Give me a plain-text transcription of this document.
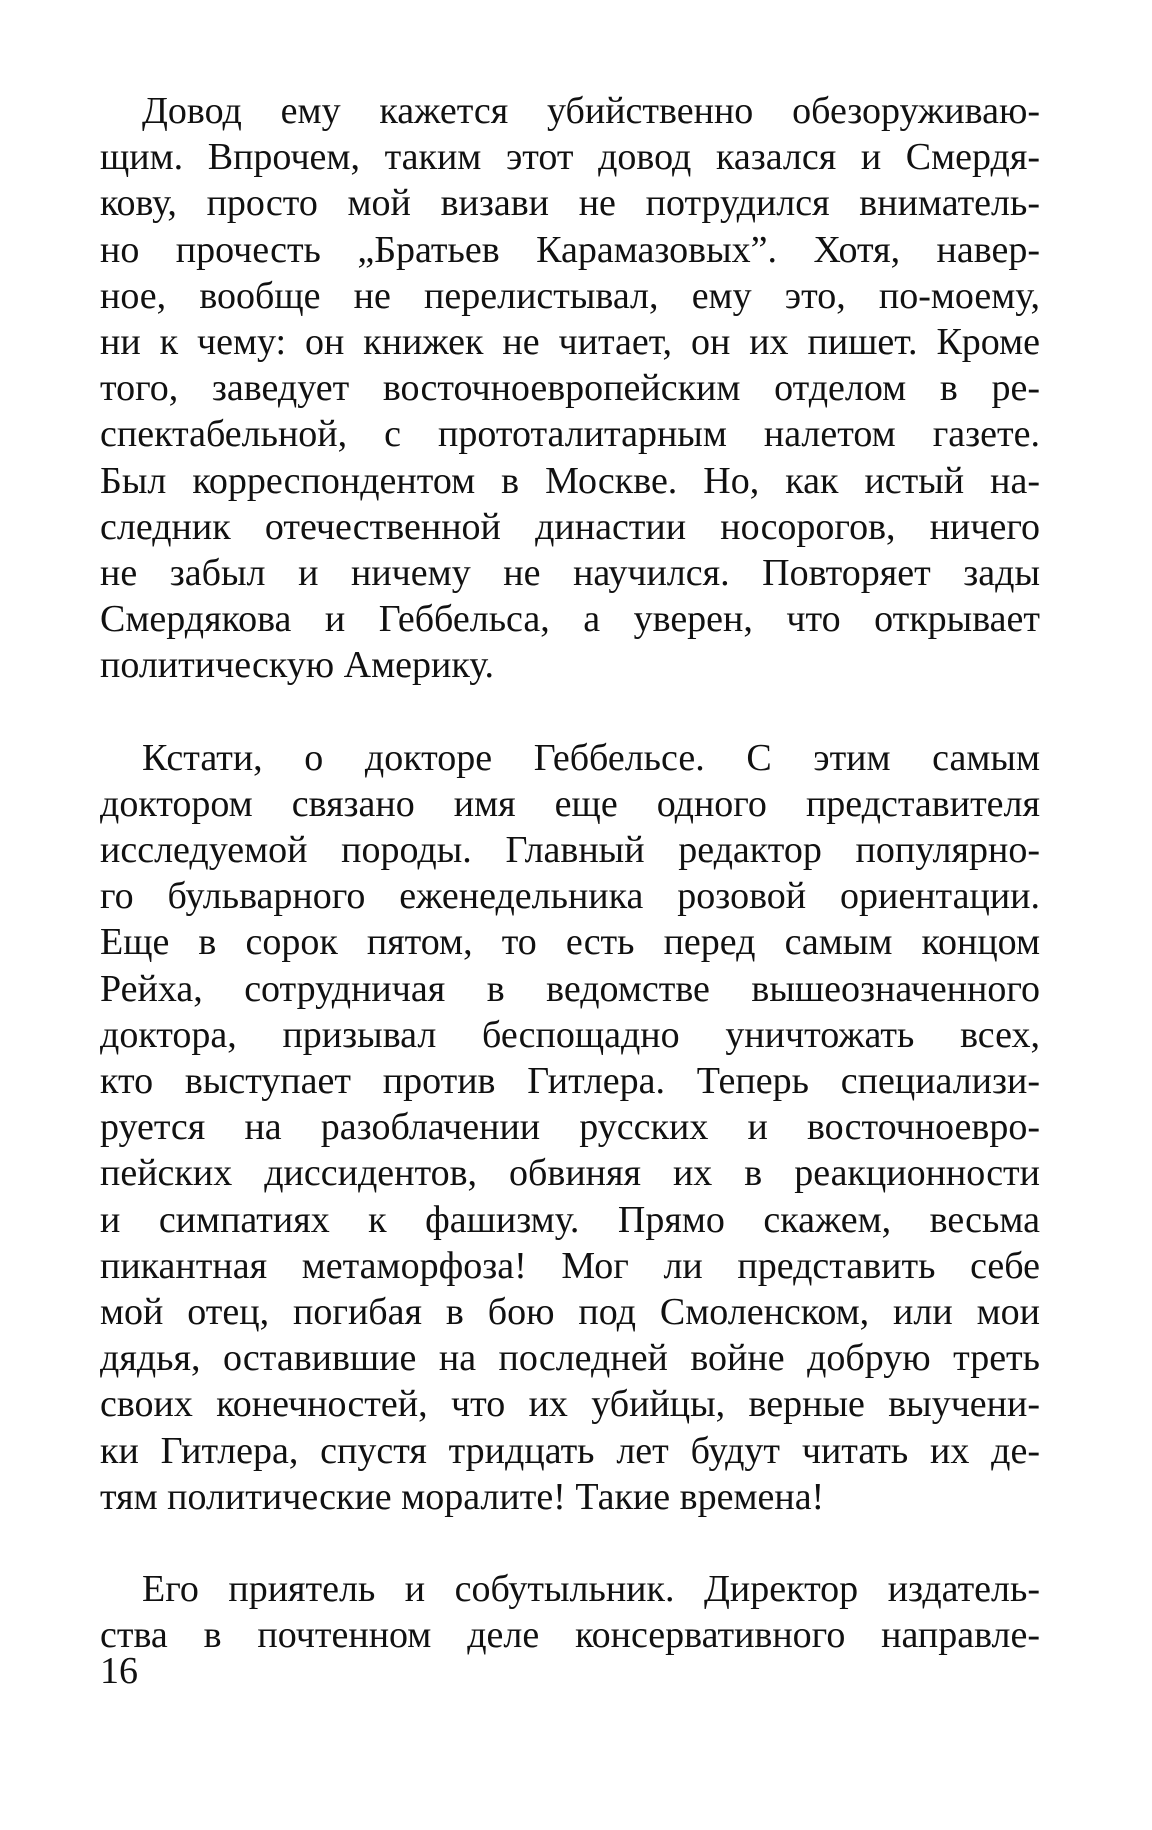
Довод ему кажется убийственно обезоруживаю-
щим. Впрочем, таким этот довод казался и Смердя-
кову, просто мой визави не потрудился вниматель-
но прочесть „Братьев Карамазовых”. Хотя, навер-
ное, вообще не перелистывал, ему это, по-моему,
ни к чему: он книжек не читает, он их пишет. Кроме
того, заведует восточноевропейским отделом в ре-
спектабельной, с прототалитарным налетом газете.
Был корреспондентом в Москве. Но, как истый на-
следник отечественной династии носорогов, ничего
не забыл и ничему не научился. Повторяет зады
Смердякова и Геббельса, а уверен, что открывает
политическую Америку.

Кстати, о докторе Геббельсе. С этим самым
доктором связано имя еще одного представителя
исследуемой породы. Главный редактор популярно-
го бульварного еженедельника розовой ориентации.
Еще в сорок пятом, то есть перед самым концом
Рейха, сотрудничая в ведомстве вышеозначенного
доктора, призывал беспощадно уничтожать всех,
кто выступает против Гитлера. Теперь специализи-
руется на разоблачении русских и восточноевро-
пейских диссидентов, обвиняя их в реакционности
и симпатиях к фашизму. Прямо скажем, весьма
пикантная метаморфоза! Мог ли представить себе
мой отец, погибая в бою под Смоленском, или мои
дядья, оставившие на последней войне добрую треть
своих конечностей, что их убийцы, верные выучени-
ки Гитлера, спустя тридцать лет будут читать их де-
тям политические моралите! Такие времена!

Его приятель и собутыльник. Директор издатель-
ства в почтенном деле консервативного направле-

16
